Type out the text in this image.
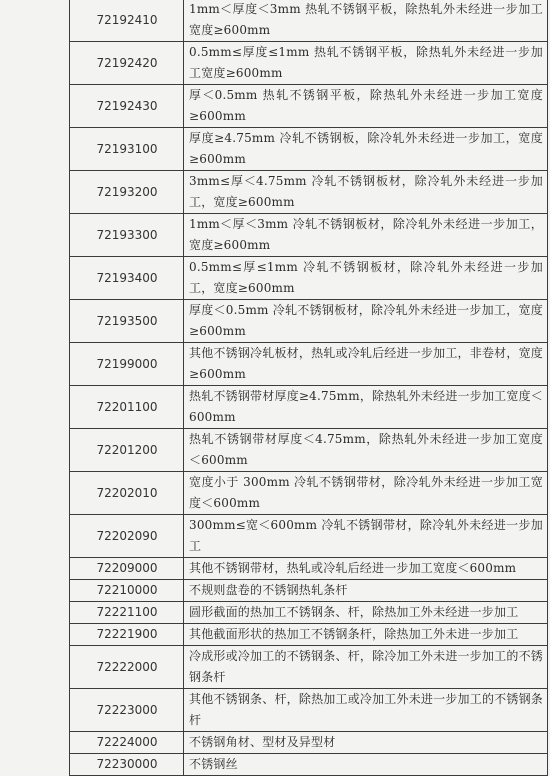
72192410	1mm＜厚度＜3mm 热轧不锈钢平板，除热轧外未经进一步加工宽度≥600mm
72192420	0.5mm≤厚度≤1mm 热轧不锈钢平板，除热轧外未经进一步加工宽度≥600mm
72192430	厚＜0.5mm 热轧不锈钢平板，除热轧外未经进一步加工宽度≥600mm
72193100	厚度≥4.75mm 冷轧不锈钢板，除冷轧外未经进一步加工，宽度≥600mm
72193200	3mm≤厚＜4.75mm 冷轧不锈钢板材，除冷轧外未经进一步加工，宽度≥600mm
72193300	1mm＜厚＜3mm 冷轧不锈钢板材，除冷轧外未经进一步加工，宽度≥600mm
72193400	0.5mm≤厚≤1mm 冷轧不锈钢板材，除冷轧外未经进一步加工，宽度≥600mm
72193500	厚度＜0.5mm 冷轧不锈钢板材，除冷轧外未经进一步加工，宽度≥600mm
72199000	其他不锈钢冷轧板材，热轧或冷轧后经进一步加工，非卷材，宽度≥600mm
72201100	热轧不锈钢带材厚度≥4.75mm，除热轧外未经进一步加工宽度＜600mm
72201200	热轧不锈钢带材厚度＜4.75mm，除热轧外未经进一步加工宽度＜600mm
72202010	宽度小于 300mm 冷轧不锈钢带材，除冷轧外未经进一步加工宽度＜600mm
72202090	300mm≤宽＜600mm 冷轧不锈钢带材，除冷轧外未经进一步加工
72209000	其他不锈钢带材，热轧或冷轧后经进一步加工宽度＜600mm
72210000	不规则盘卷的不锈钢热轧条杆
72221100	圆形截面的热加工不锈钢条、杆，除热加工外未经进一步加工
72221900	其他截面形状的热加工不锈钢条杆，除热加工外未进一步加工
72222000	冷成形或冷加工的不锈钢条、杆，除冷加工外未进一步加工的不锈钢条杆
72223000	其他不锈钢条、杆，除热加工或冷加工外未进一步加工的不锈钢条杆
72224000	不锈钢角材、型材及异型材
72230000	不锈钢丝
